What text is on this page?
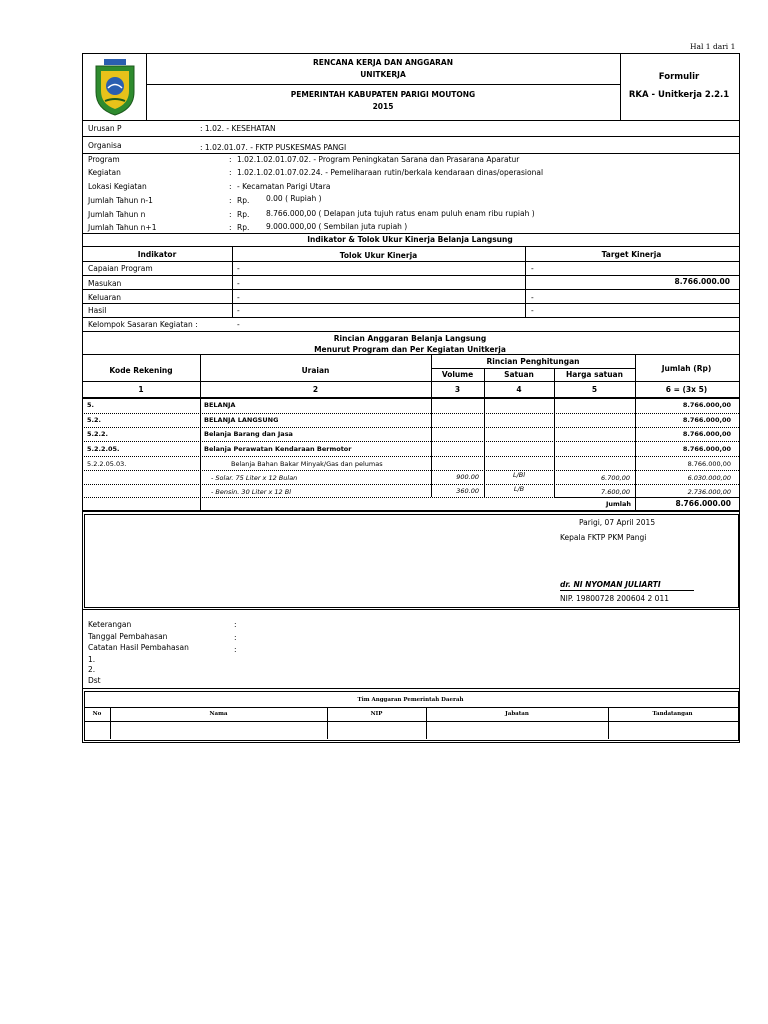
Hal 1 dari 1
RENCANA KERJA DAN ANGGARAN
UNITKERJA
PEMERINTAH KABUPATEN PARIGI MOUTONG
2015
Formulir
RKA - Unitkerja 2.2.1
Urusan P	: 1.02. - KESEHATAN
Organisa	: 1.02.01.07. - FKTP PUSKESMAS PANGI
Program	: 1.02.1.02.01.07.02. - Program Peningkatan Sarana dan Prasarana Aparatur
Kegiatan	: 1.02.1.02.01.07.02.24. - Pemeliharaan rutin/berkala kendaraan dinas/operasional
Lokasi Kegiatan	: - Kecamatan Parigi Utara
Jumlah Tahun n-1	: Rp. 0.00 ( Rupiah )
Jumlah Tahun n	: Rp. 8.766.000,00 ( Delapan juta tujuh ratus enam puluh enam ribu rupiah )
Jumlah Tahun n+1	: Rp. 9.000.000,00 ( Sembilan juta rupiah )
Indikator & Tolok Ukur Kinerja Belanja Langsung
Indikator	Tolok Ukur Kinerja	Target Kinerja
Capaian Program	-	-
Masukan	-	8.766.000.00
Keluaran	-	-
Hasil	-	-
Kelompok Sasaran Kegiatan :	-
Rincian Anggaran Belanja Langsung
Menurut Program dan Per Kegiatan Unitkerja
Kode Rekening	Uraian
Rincian Penghitungan
Volume	Satuan	Harga satuan
Jumlah (Rp)
1	2	3	4	5	6 = (3x 5)
5.	BELANJA	8.766.000,00
5.2.	BELANJA LANGSUNG	8.766.000,00
5.2.2.	Belanja Barang dan Jasa	8.766.000,00
5.2.2.05.	Belanja Perawatan Kendaraan Bermotor	8.766.000,00
5.2.2.05.03.	Belanja Bahan Bakar Minyak/Gas dan pelumas	8.766.000,00
- Solar. 75 Liter x 12 Bulan	900.00	L/Bl	6.700,00	6.030.000,00
- Bensin. 30 Liter x 12 Bl	360.00	L/B	7.600,00	2.736.000,00
Jumlah	8.766.000.00
Parigi, 07 April 2015
Kepala FKTP PKM Pangi
dr. NI NYOMAN JULIARTI
NIP. 19800728 200604 2 011
Keterangan	:
Tanggal Pembahasan	:
Catatan Hasil Pembahasan	:
1.
2.
Dst
Tim Anggaran Pemerintah Daerah
No	Nama	NIP	Jabatan	Tandatangan
